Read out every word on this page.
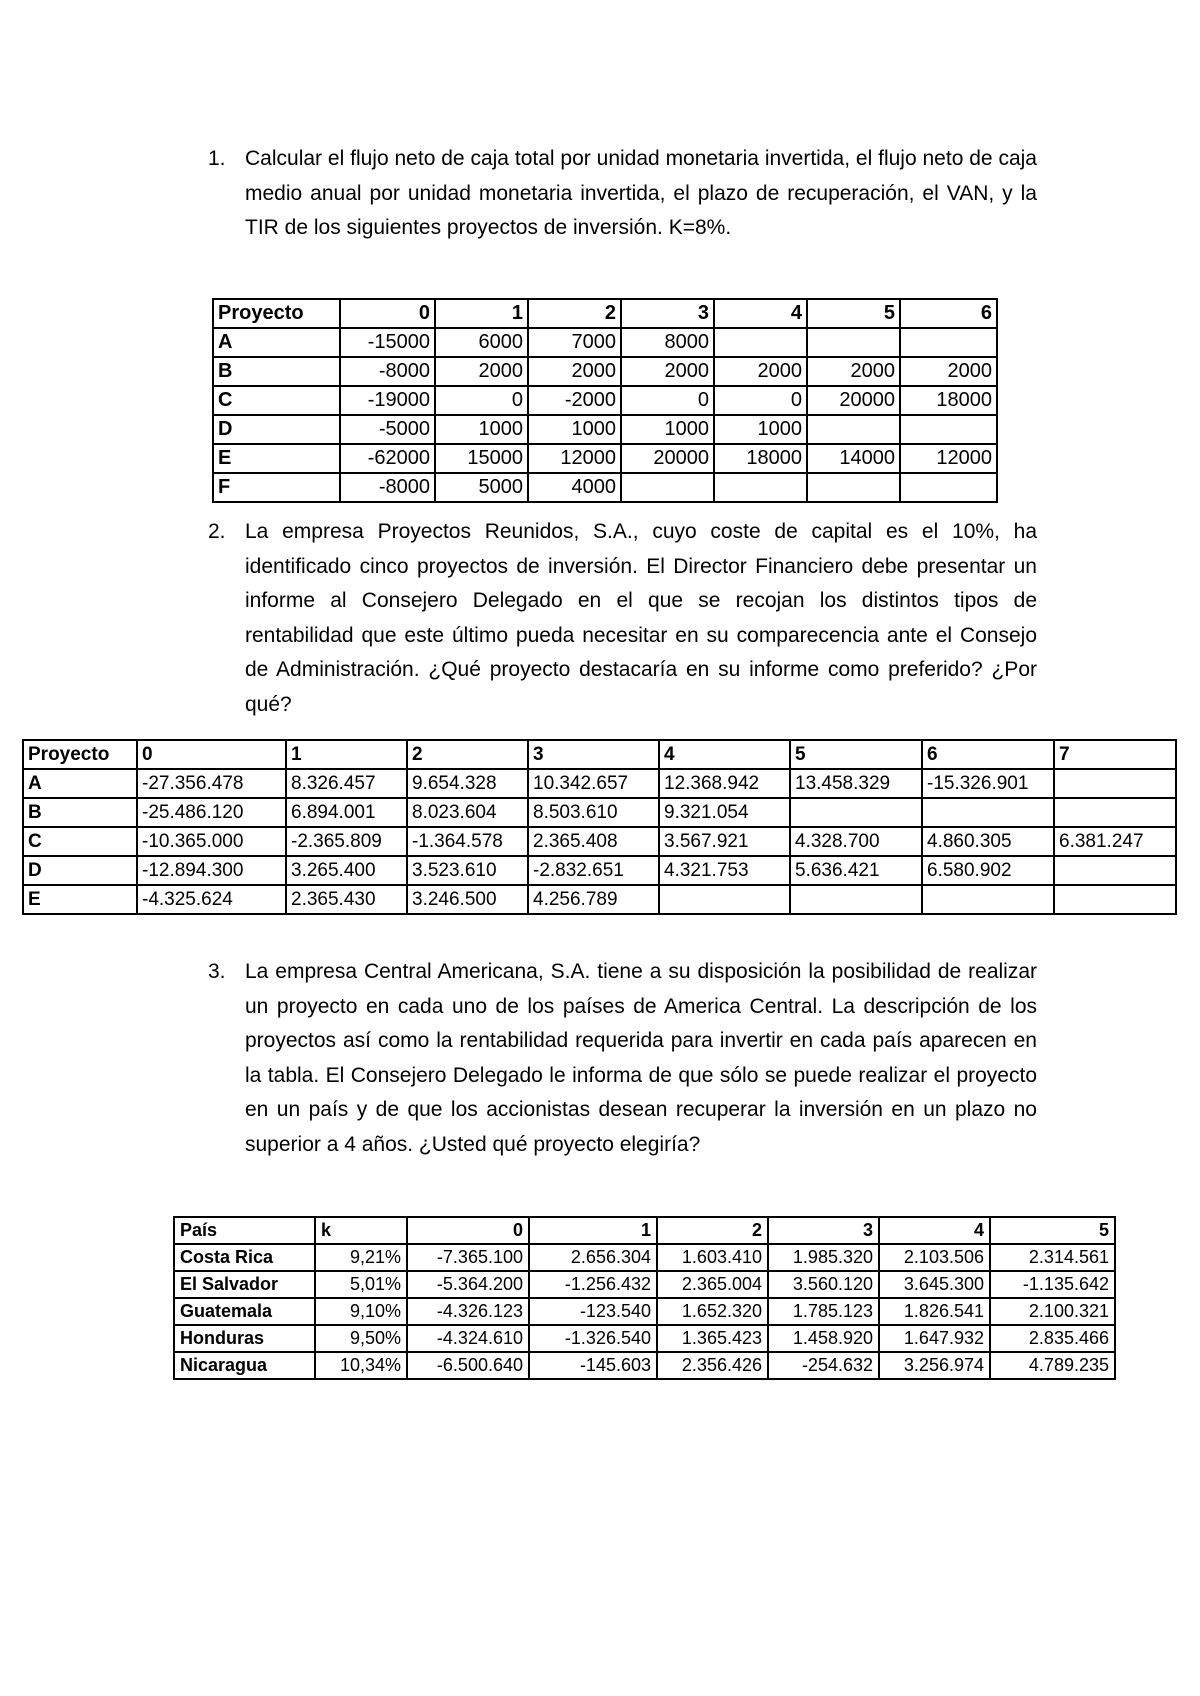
1. Calcular el flujo neto de caja total por unidad monetaria invertida, el flujo neto de caja medio anual por unidad monetaria invertida, el plazo de recuperación, el VAN, y la TIR de los siguientes proyectos de inversión. K=8%.

Proyecto	0	1	2	3	4	5	6
A	-15000	6000	7000	8000			
B	-8000	2000	2000	2000	2000	2000	2000
C	-19000	0	-2000	0	0	20000	18000
D	-5000	1000	1000	1000	1000		
E	-62000	15000	12000	20000	18000	14000	12000
F	-8000	5000	4000				
2. La empresa Proyectos Reunidos, S.A., cuyo coste de capital es el 10%, ha identificado cinco proyectos de inversión. El Director Financiero debe presentar un informe al Consejero Delegado en el que se recojan los distintos tipos de rentabilidad que este último pueda necesitar en su comparecencia ante el Consejo de Administración. ¿Qué proyecto destacaría en su informe como preferido? ¿Por qué?

Proyecto	0	1	2	3	4	5	6	7
A	-27.356.478	8.326.457	9.654.328	10.342.657	12.368.942	13.458.329	-15.326.901	
B	-25.486.120	6.894.001	8.023.604	8.503.610	9.321.054			
C	-10.365.000	-2.365.809	-1.364.578	2.365.408	3.567.921	4.328.700	4.860.305	6.381.247
D	-12.894.300	3.265.400	3.523.610	-2.832.651	4.321.753	5.636.421	6.580.902	
E	-4.325.624	2.365.430	3.246.500	4.256.789				
3. La empresa Central Americana, S.A. tiene a su disposición la posibilidad de realizar un proyecto en cada uno de los países de America Central. La descripción de los proyectos así como la rentabilidad requerida para invertir en cada país aparecen en la tabla. El Consejero Delegado le informa de que sólo se puede realizar el proyecto en un país y de que los accionistas desean recuperar la inversión en un plazo no superior a 4 años. ¿Usted qué proyecto elegiría?

País	k	0	1	2	3	4	5
Costa Rica	9,21%	-7.365.100	2.656.304	1.603.410	1.985.320	2.103.506	2.314.561
El Salvador	5,01%	-5.364.200	-1.256.432	2.365.004	3.560.120	3.645.300	-1.135.642
Guatemala	9,10%	-4.326.123	-123.540	1.652.320	1.785.123	1.826.541	2.100.321
Honduras	9,50%	-4.324.610	-1.326.540	1.365.423	1.458.920	1.647.932	2.835.466
Nicaragua	10,34%	-6.500.640	-145.603	2.356.426	-254.632	3.256.974	4.789.235
